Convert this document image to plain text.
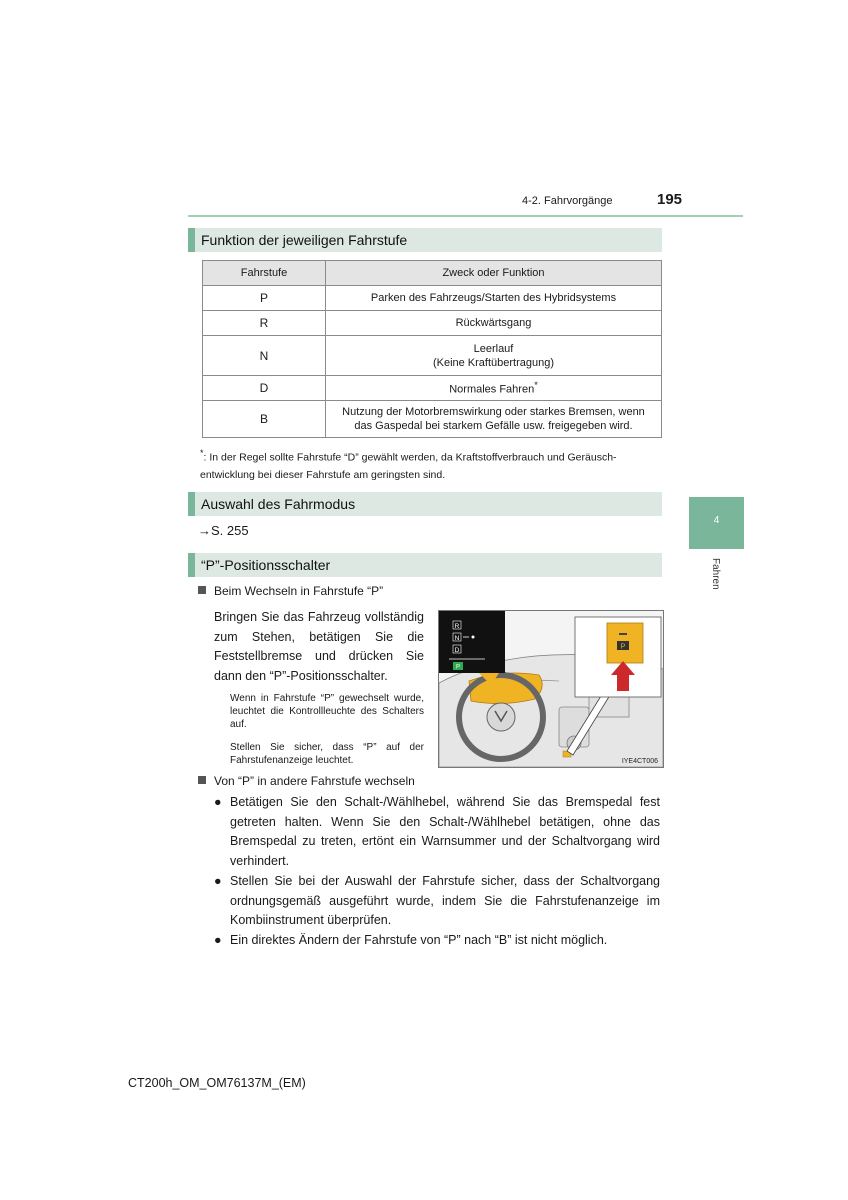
4-2. Fahrvorgänge	195
Funktion der jeweiligen Fahrstufe
Fahrstufe	Zweck oder Funktion
P	Parken des Fahrzeugs/Starten des Hybridsystems
R	Rückwärtsgang
N	Leerlauf
(Keine Kraftübertragung)

D	Normales Fahren*
B	Nutzung der Motorbremswirkung oder starkes Bremsen, wenn
das Gaspedal bei starkem Gefälle usw. freigegeben wird.
*: In der Regel sollte Fahrstufe “D” gewählt werden, da Kraftstoffverbrauch und Geräusch-entwicklung bei dieser Fahrstufe am geringsten sind.
Auswahl des Fahrmodus
→S. 255
“P”-Positionsschalter
Beim Wechseln in Fahrstufe “P”
Bringen Sie das Fahrzeug vollständig zum Stehen, betätigen Sie die Feststellbremse und drücken Sie dann den “P”-Positionsschalter.
Wenn in Fahrstufe “P” gewechselt wurde, leuchtet die Kontrollleuchte des Schalters auf.
Stellen Sie sicher, dass “P” auf der Fahrstufenanzeige leuchtet.
R
N
D
P
P
IYE4CT006
Von “P” in andere Fahrstufe wechseln
● Betätigen Sie den Schalt-/Wählhebel, während Sie das Bremspedal fest getreten halten. Wenn Sie den Schalt-/Wählhebel betätigen, ohne das Bremspedal zu treten, ertönt ein Warnsummer und der Schaltvorgang wird verhindert.
● Stellen Sie bei der Auswahl der Fahrstufe sicher, dass der Schaltvorgang ordnungsgemäß ausgeführt wurde, indem Sie die Fahrstufenanzeige im Kombiinstrument überprüfen.
● Ein direktes Ändern der Fahrstufe von “P” nach “B” ist nicht möglich.
4
Fahren
CT200h_OM_OM76137M_(EM)
